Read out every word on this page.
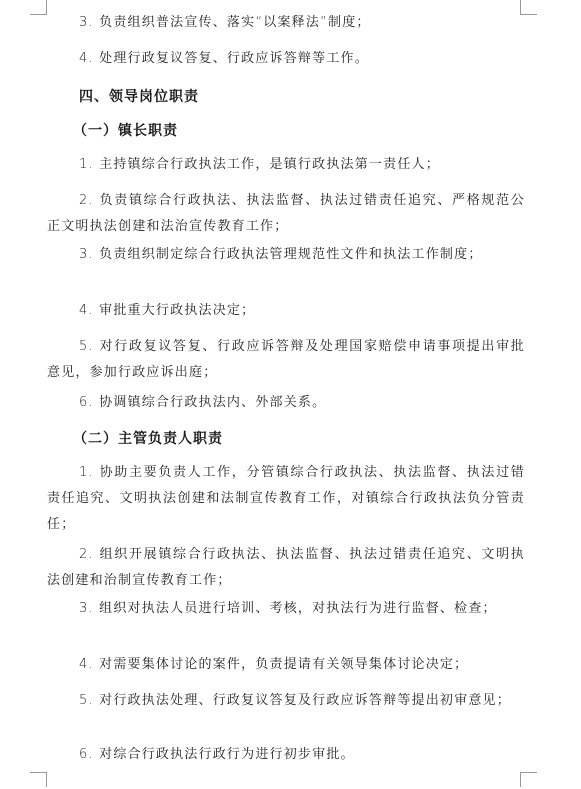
3. 负责组织普法宣传、落实“以案释法”制度；
4. 处理行政复议答复、行政应诉答辩等工作。
四、领导岗位职责
（一）镇长职责
1. 主持镇综合行政执法工作，是镇行政执法第一责任人；
2. 负责镇综合行政执法、执法监督、执法过错责任追究、严格规范公正文明执法创建和法治宣传教育工作；
3. 负责组织制定综合行政执法管理规范性文件和执法工作制度；
4. 审批重大行政执法决定；
5. 对行政复议答复、行政应诉答辩及处理国家赔偿申请事项提出审批意见，参加行政应诉出庭；
6. 协调镇综合行政执法内、外部关系。
（二）主管负责人职责
1. 协助主要负责人工作，分管镇综合行政执法、执法监督、执法过错责任追究、文明执法创建和法制宣传教育工作，对镇综合行政执法负分管责任；
2. 组织开展镇综合行政执法、执法监督、执法过错责任追究、文明执法创建和治制宣传教育工作；
3. 组织对执法人员进行培训、考核，对执法行为进行监督、检查；
4. 对需要集体讨论的案件，负责提请有关领导集体讨论决定；
5. 对行政执法处理、行政复议答复及行政应诉答辩等提出初审意见；
6. 对综合行政执法行政行为进行初步审批。
